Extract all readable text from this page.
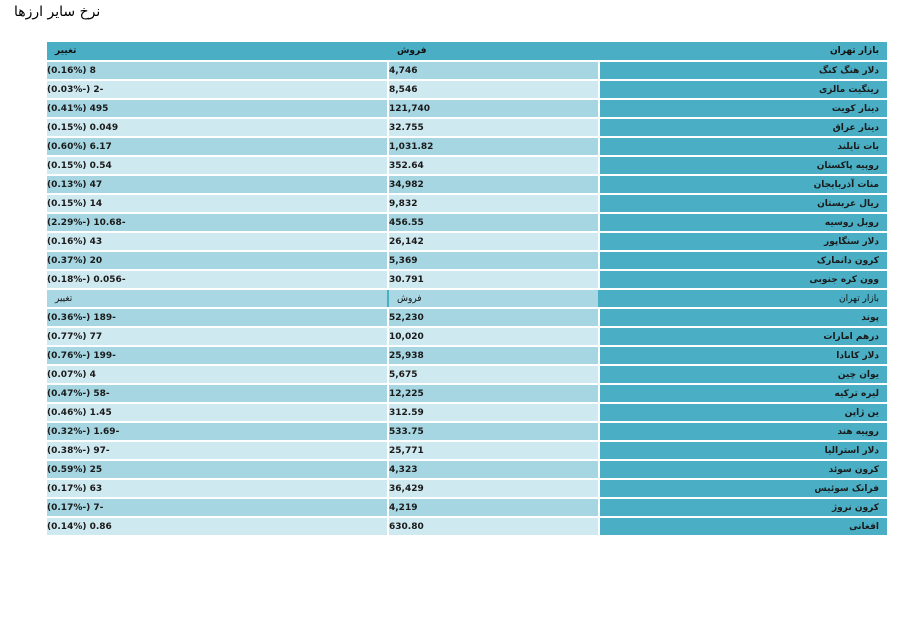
نرخ سایر ارزها
بازار تهران		فروش		تغییر
دلار هنگ کنگ		4,746		8 (0.16%)
رینگیت مالزی		8,546		-2 (-0.03%)
دینار کویت		121,740		495 (0.41%)
دینار عراق		32.755		0.049 (0.15%)
بات تایلند		1,031.82		6.17 (0.60%)
روپیه پاکستان		352.64		0.54 (0.15%)
منات آذربایجان		34,982		47 (0.13%)
ریال عربستان		9,832		14 (0.15%)
روبل روسیه		456.55		-10.68 (-2.29%)
دلار سنگاپور		26,142		43 (0.16%)
کرون دانمارک		5,369		20 (0.37%)
وون کره جنوبی		30.791		-0.056 (-0.18%)
بازار تهران		فروش		تغییر
پوند		52,230		-189 (-0.36%)
درهم امارات		10,020		77 (0.77%)
دلار کانادا		25,938		-199 (-0.76%)
یوان چین		5,675		4 (0.07%)
لیره ترکیه		12,225		-58 (-0.47%)
ین ژاپن		312.59		1.45 (0.46%)
روپیه هند		533.75		-1.69 (-0.32%)
دلار استرالیا		25,771		-97 (-0.38%)
کرون سوئد		4,323		25 (0.59%)
فرانک سوئیس		36,429		63 (0.17%)
کرون نروژ		4,219		-7 (-0.17%)
افغانی		630.80		0.86 (0.14%)
